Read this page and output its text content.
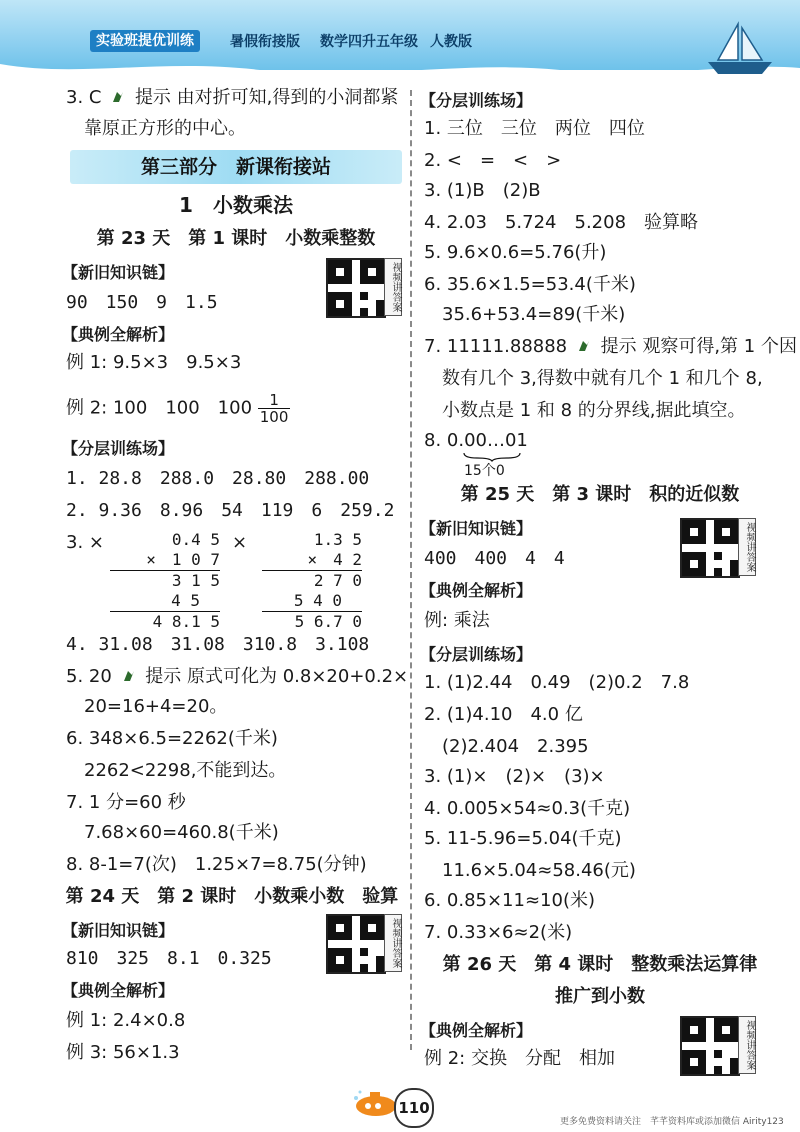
实验班提优训练	暑假衔接版 数学四升五年级 人教版
3. C 提示 由对折可知,得到的小洞都紧
靠原正方形的中心。
第三部分　新课衔接站
1　小数乘法
第 23 天　第 1 课时　小数乘整数
【新旧知识链】	视频讲答案
90　150　9　1.5
【典例全解析】
例 1: 9.5×3　9.5×3
例 2: 100　100　$100 \frac{1}{100}$
【分层训练场】
1. 28.8　288.0　28.80　288.00
2. 9.36　8.96　54　119　6　259.2
3. ×	×
0.4 5
×　1 0 7
3 1 5
4 5
4 8.1 5
1.3 5
×　4 2
2 7 0
5 4 0
5 6.7 0
4. 31.08　31.08　310.8　3.108
5. 20 提示 原式可化为 0.8×20+0.2×
20=16+4=20。
6. 348×6.5=2262(千米)
2262<2298,不能到达。
7. 1 分=60 秒
7.68×60=460.8(千米)
8. 8-1=7(次)　1.25×7=8.75(分钟)
第 24 天　第 2 课时　小数乘小数　验算
【新旧知识链】	视频讲答案
810　325　8.1　0.325
【典例全解析】
例 1: 2.4×0.8
例 3: 56×1.3
【分层训练场】
1. 三位　三位　两位　四位
2. <　=　<　>
3. (1)B　(2)B
4. 2.03　5.724　5.208　验算略
5. 9.6×0.6=5.76(升)
6. 35.6×1.5=53.4(千米)
35.6+53.4=89(千米)
7. 11111.88888 提示 观察可得,第 1 个因
数有几个 3,得数中就有几个 1 和几个 8,
小数点是 1 和 8 的分界线,据此填空。
8. 0.00…01
15个0
第 25 天　第 3 课时　积的近似数
【新旧知识链】	视频讲答案
400　400　4　4
【典例全解析】
例: 乘法
【分层训练场】
1. (1)2.44　0.49　(2)0.2　7.8
2. (1)4.10　4.0 亿
(2)2.404　2.395
3. (1)×　(2)×　(3)×
4. 0.005×54≈0.3(千克)
5. 11-5.96=5.04(千克)
11.6×5.04≈58.46(元)
6. 0.85×11≈10(米)
7. 0.33×6≈2(米)
第 26 天　第 4 课时　整数乘法运算律
推广到小数
【典例全解析】	视频讲答案
例 2: 交换　分配　相加
110
更多免费资料请关注　芊芊资料库或添加微信 Airity123
